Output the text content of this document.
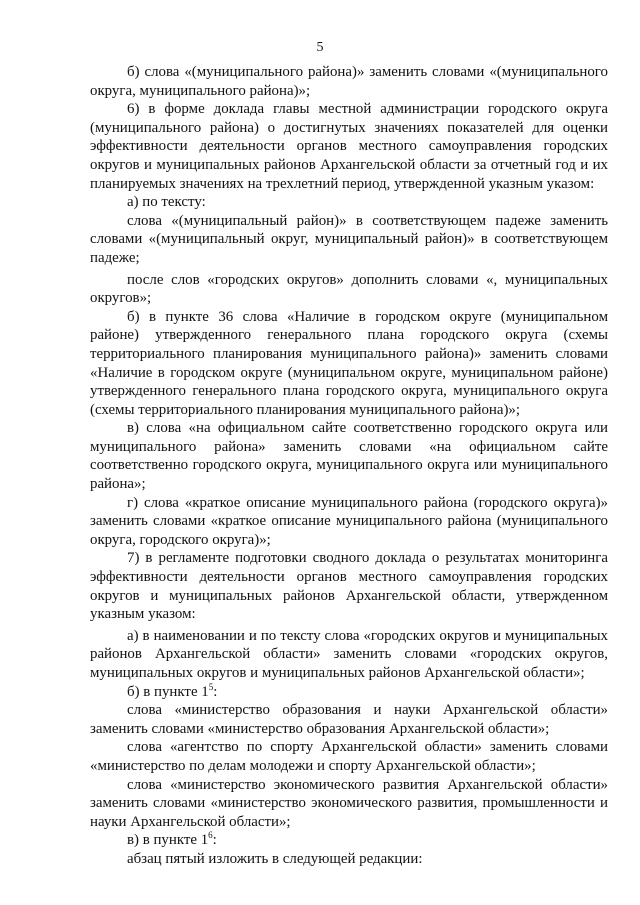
5

б) слова «(муниципального района)» заменить словами «(муниципального округа, муниципального района)»;

6) в форме доклада главы местной администрации городского округа (муниципального района) о достигнутых значениях показателей для оценки эффективности деятельности органов местного самоуправления городских округов и муниципальных районов Архангельской области за отчетный год и их планируемых значениях на трехлетний период, утвержденной указным указом:

а) по тексту:

слова «(муниципальный район)» в соответствующем падеже заменить словами «(муниципальный округ, муниципальный район)» в соответствующем падеже;

после слов «городских округов» дополнить словами «, муниципальных округов»;

б) в пункте 36 слова «Наличие в городском округе (муниципальном районе) утвержденного генерального плана городского округа (схемы территориального планирования муниципального района)» заменить словами «Наличие в городском округе (муниципальном округе, муниципальном районе) утвержденного генерального плана городского округа, муниципального округа (схемы территориального планирования муниципального района)»;

в) слова «на официальном сайте соответственно городского округа или муниципального района» заменить словами «на официальном сайте соответственно городского округа, муниципального округа или муниципального района»;

г) слова «краткое описание муниципального района (городского округа)» заменить словами «краткое описание муниципального района (муниципального округа, городского округа)»;

7) в регламенте подготовки сводного доклада о результатах мониторинга эффективности деятельности органов местного самоуправления городских округов и муниципальных районов Архангельской области, утвержденном указным указом:

а) в наименовании и по тексту слова «городских округов и муниципальных районов Архангельской области» заменить словами «городских округов, муниципальных округов и муниципальных районов Архангельской области»;

б) в пункте $1^5$:

слова «министерство образования и науки Архангельской области» заменить словами «министерство образования Архангельской области»;

слова «агентство по спорту Архангельской области» заменить словами «министерство по делам молодежи и спорту Архангельской области»;

слова «министерство экономического развития Архангельской области» заменить словами «министерство экономического развития, промышленности и науки Архангельской области»;

в) в пункте $1^6$:

абзац пятый изложить в следующей редакции:
